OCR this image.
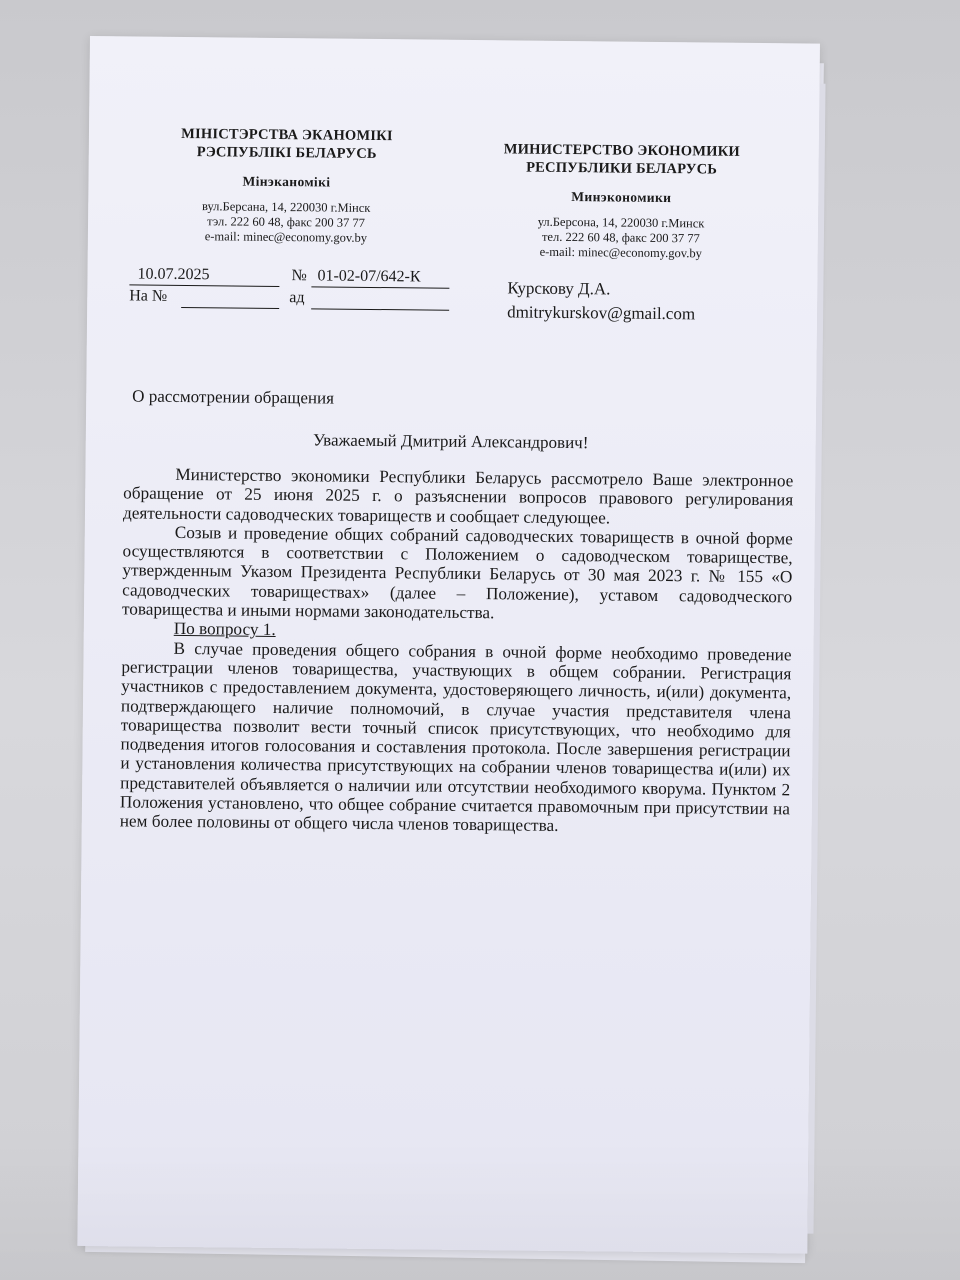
МІНІСТЭРСТВА ЭКАНОМІКІ
РЭСПУБЛІКІ БЕЛАРУСЬ
Мінэканомікі
вул.Берсана, 14, 220030 г.Мінск
тэл. 222 60 48, факс 200 37 77
e-mail: minec@economy.gov.by
МИНИСТЕРСТВО ЭКОНОМИКИ
РЕСПУБЛИКИ БЕЛАРУСЬ
Минэкономики
ул.Берсона, 14, 220030 г.Минск
тел. 222 60 48, факс 200 37 77
e-mail: minec@economy.gov.by
10.07.2025	№ 01-02-07/642-К
На №	ад	Курскову Д.А.
dmitrykurskov@gmail.com
О рассмотрении обращения
Уважаемый Дмитрий Александрович!

Министерство экономики Республики Беларусь рассмотрело Ваше электронное обращение от 25 июня 2025 г. о разъяснении вопросов правового регулирования деятельности садоводческих товариществ и сообщает следующее.

Созыв и проведение общих собраний садоводческих товариществ в очной форме осуществляются в соответствии с Положением о садоводческом товариществе, утвержденным Указом Президента Республики Беларусь от 30 мая 2023 г. № 155 «О садоводческих товариществах» (далее – Положение), уставом садоводческого товарищества и иными нормами законодательства.

По вопросу 1.

В случае проведения общего собрания в очной форме необходимо проведение регистрации членов товарищества, участвующих в общем собрании. Регистрация участников с предоставлением документа, удостоверяющего личность, и(или) документа, подтверждающего наличие полномочий, в случае участия представителя члена товарищества позволит вести точный список присутствующих, что необходимо для подведения итогов голосования и составления протокола. После завершения регистрации и установления количества присутствующих на собрании членов товарищества и(или) их представителей объявляется о наличии или отсутствии необходимого кворума. Пунктом 2 Положения установлено, что общее собрание считается правомочным при присутствии на нем более половины от общего числа членов товарищества.
